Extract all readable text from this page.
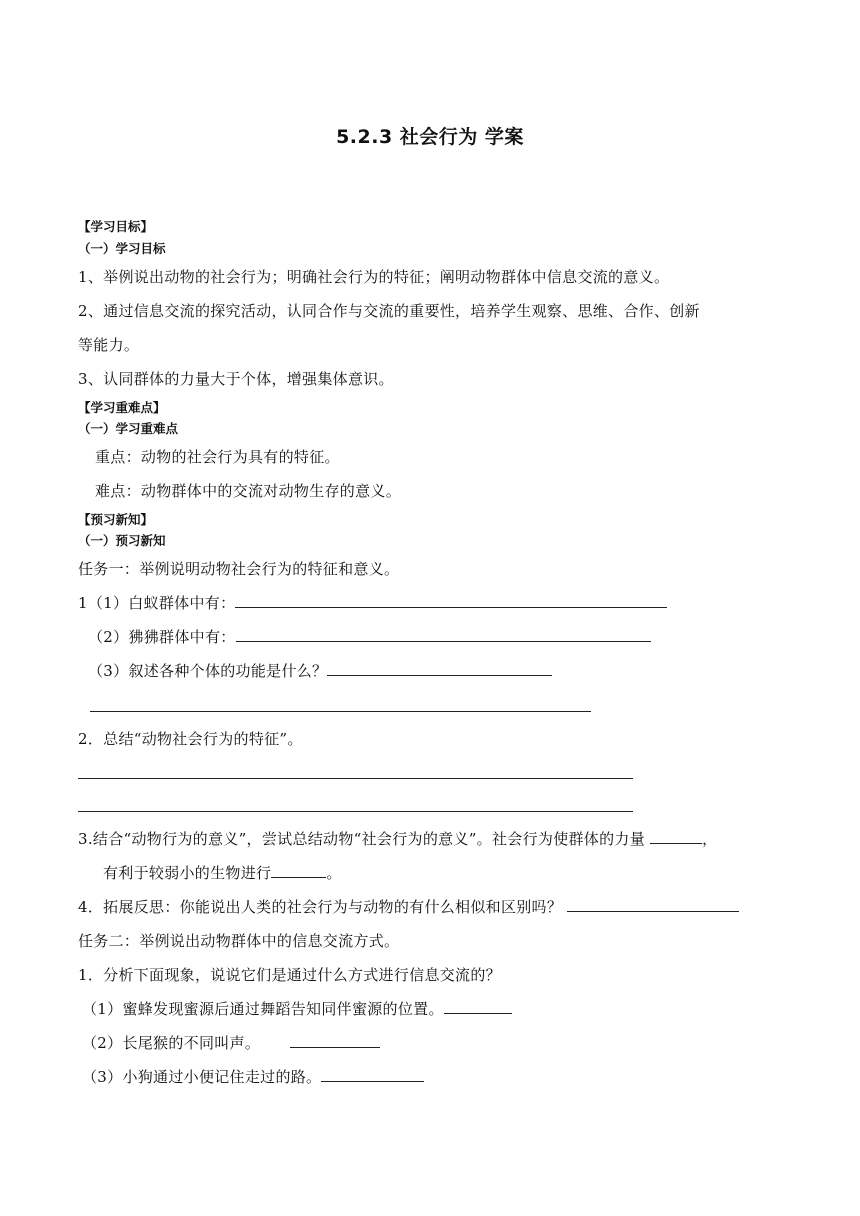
5.2.3 社会行为 学案
【学习目标】
（一）学习目标
1、举例说出动物的社会行为；明确社会行为的特征；阐明动物群体中信息交流的意义。
2、通过信息交流的探究活动，认同合作与交流的重要性，培养学生观察、思维、合作、创新
等能力。
3、认同群体的力量大于个体，增强集体意识。
【学习重难点】
（一）学习重难点
重点：动物的社会行为具有的特征。
难点：动物群体中的交流对动物生存的意义。
【预习新知】
（一）预习新知
任务一：举例说明动物社会行为的特征和意义。
1（1）白蚁群体中有：
（2）狒狒群体中有：
（3）叙述各种个体的功能是什么？
2．总结“动物社会行为的特征”。
3.结合“动物行为的意义”，尝试总结动物“社会行为的意义”。社会行为使群体的力量	，
有利于较弱小的生物进行	。
4．拓展反思：你能说出人类的社会行为与动物的有什么相似和区别吗？
任务二：举例说出动物群体中的信息交流方式。
1．分析下面现象，说说它们是通过什么方式进行信息交流的？
（1）蜜蜂发现蜜源后通过舞蹈告知同伴蜜源的位置。
（2）长尾猴的不同叫声。
（3）小狗通过小便记住走过的路。
